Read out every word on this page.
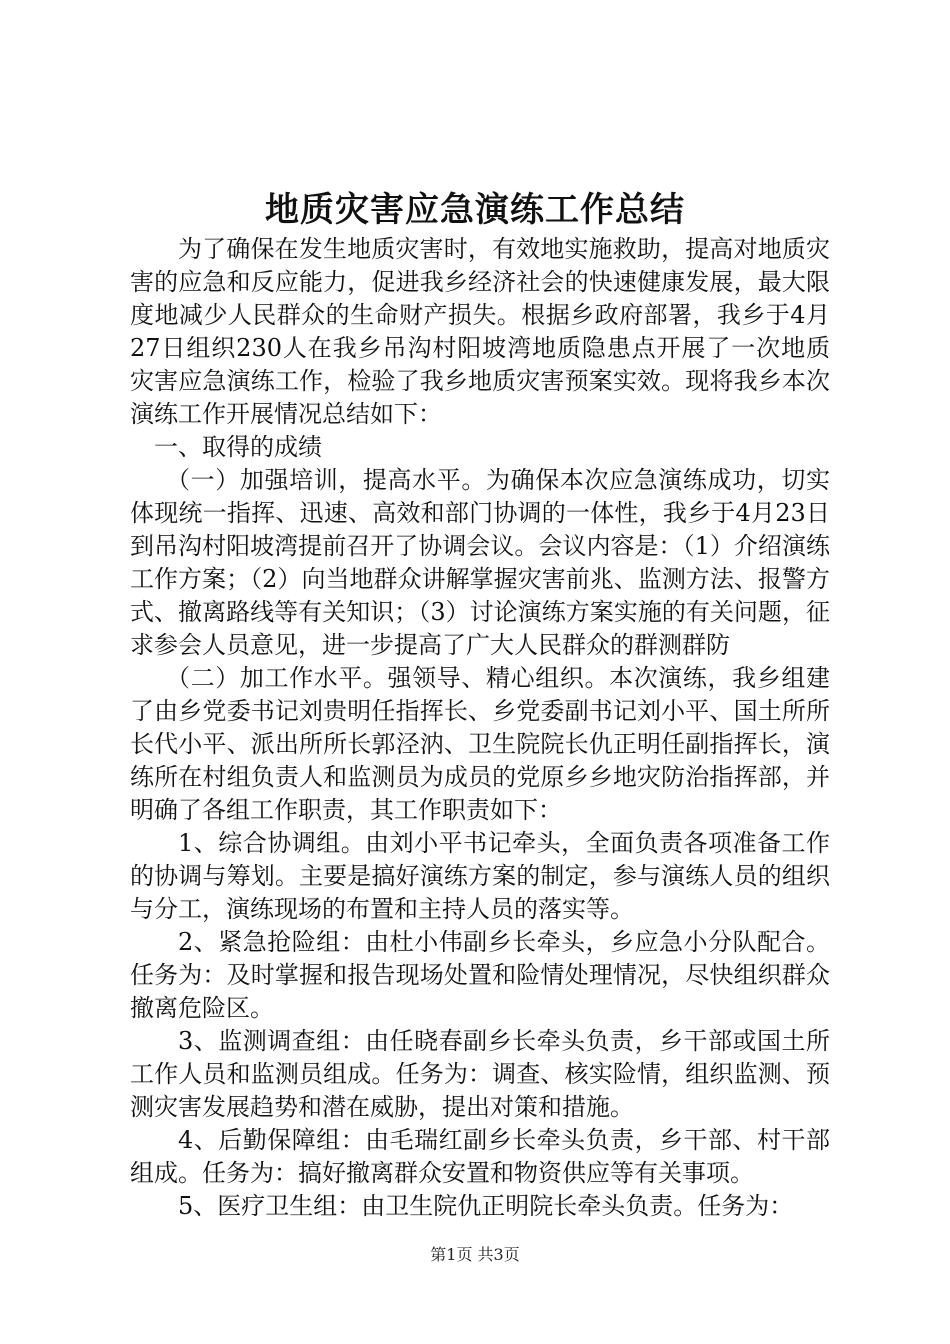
地质灾害应急演练工作总结

为了确保在发生地质灾害时，有效地实施救助，提高对地质灾害的应急和反应能力，促进我乡经济社会的快速健康发展，最大限度地减少人民群众的生命财产损失。根据乡政府部署，我乡于4月27日组织230人在我乡吊沟村阳坡湾地质隐患点开展了一次地质灾害应急演练工作，检验了我乡地质灾害预案实效。现将我乡本次演练工作开展情况总结如下：

一、取得的成绩

（一）加强培训，提高水平。为确保本次应急演练成功，切实体现统一指挥、迅速、高效和部门协调的一体性，我乡于4月23日到吊沟村阳坡湾提前召开了协调会议。会议内容是：（1）介绍演练工作方案；（2）向当地群众讲解掌握灾害前兆、监测方法、报警方式、撤离路线等有关知识；（3）讨论演练方案实施的有关问题，征求参会人员意见，进一步提高了广大人民群众的群测群防

（二）加工作水平。强领导、精心组织。本次演练，我乡组建了由乡党委书记刘贵明任指挥长、乡党委副书记刘小平、国土所所长代小平、派出所所长郭泾汭、卫生院院长仇正明任副指挥长，演练所在村组负责人和监测员为成员的党原乡乡地灾防治指挥部，并明确了各组工作职责，其工作职责如下：

1、综合协调组。由刘小平书记牵头，全面负责各项准备工作的协调与筹划。主要是搞好演练方案的制定，参与演练人员的组织与分工，演练现场的布置和主持人员的落实等。

2、紧急抢险组：由杜小伟副乡长牵头，乡应急小分队配合。任务为：及时掌握和报告现场处置和险情处理情况，尽快组织群众撤离危险区。

3、监测调查组：由任晓春副乡长牵头负责，乡干部或国土所工作人员和监测员组成。任务为：调查、核实险情，组织监测、预测灾害发展趋势和潜在威胁，提出对策和措施。

4、后勤保障组：由毛瑞红副乡长牵头负责，乡干部、村干部组成。任务为：搞好撤离群众安置和物资供应等有关事项。

5、医疗卫生组：由卫生院仇正明院长牵头负责。任务为：

第1页 共3页
